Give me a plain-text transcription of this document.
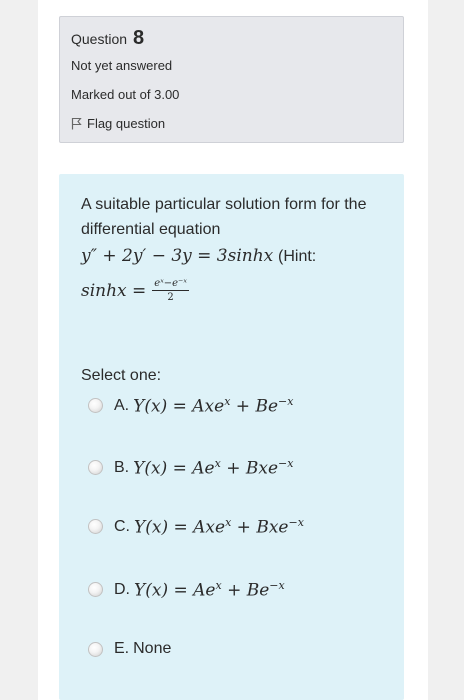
Question 8
Not yet answered
Marked out of 3.00
Flag question
A suitable particular solution form for the differential equation
y″ + 2y′ − 3y = 3sinhx (Hint:
$\sinh x = \frac{\text{eˣ−e⁻ˣ}}{2}$
Select one:
A. $Y(x) = Axe^x + Be^{-x}$
B. $Y(x) = Ae^x + Bxe^{-x}$
C. Y(x) = Axe$^x$ + Bxe$^{-x}$
D. $Y(x) = Ae^x + Be^{-x}$
E. None
